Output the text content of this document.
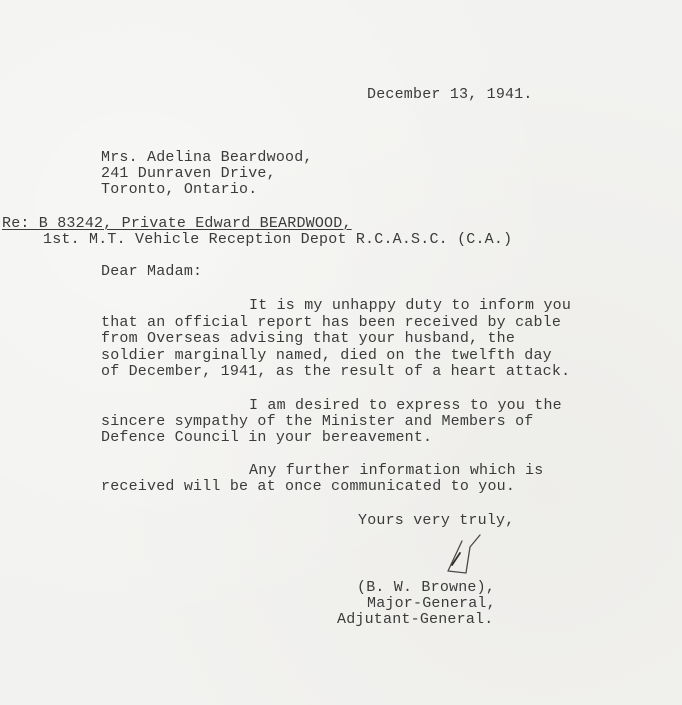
December 13, 1941.
Mrs. Adelina Beardwood,
241 Dunraven Drive,
Toronto, Ontario.
Re: B 83242, Private Edward BEARDWOOD,
1st. M.T. Vehicle Reception Depot R.C.A.S.C. (C.A.)
Dear Madam:
It is my unhappy duty to inform you
that an official report has been received by cable
from Overseas advising that your husband, the
soldier marginally named, died on the twelfth day
of December, 1941, as the result of a heart attack.
I am desired to express to you the
sincere sympathy of the Minister and Members of
Defence Council in your bereavement.
Any further information which is
received will be at once communicated to you.
Yours very truly,
(B. W. Browne),
Major-General,
Adjutant-General.
